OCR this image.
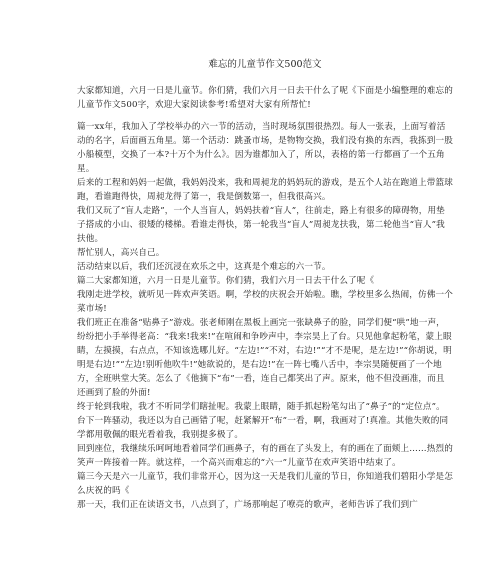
难忘的儿童节作文500范文

大家都知道，六月一日是儿童节。你们猜，我们六月一日去干什么了呢《下面是小编整理的难忘的儿童节作文500字，欢迎大家阅读参考!希望对大家有所帮忙!

篇一xx年，我加入了学校举办的六一节的活动，当时现场氛围很热烈。每人一张表，上面写着活动的名字，后面画五角星。第一个活动：跳蚤市场，是物物交换，我们没有换的东西，我拣到一股小船模型，交换了一本?十万个为什么》。因为谁都加入了，所以，表格的第一行都画了一个五角星。

后来的工程和妈妈一起做，我妈妈没来，我和周昶龙的妈妈玩的游戏，是五个人站在跑道上带篮球跑，看谁跑得快，周昶龙得了第一，我是倒数第一，但我很高兴。

我们又玩了“盲人走路”，一个人当盲人，妈妈扶着“盲人”，往前走，路上有很多的障碍物，用垫子搭成的小山、很矮的楼梯。看谁走得快，第一轮我当“盲人”周昶龙扶我，第二轮他当“盲人”我扶他。

帮忙别人，高兴自己。

活动结束以后，我们还沉浸在欢乐之中，这真是个难忘的六一节。

篇二大家都知道，六月一日是儿童节。你们猜，我们六月一日去干什么了呢《

我刚走进学校，就听见一阵欢声笑语。啊，学校的庆祝会开始啦。瞧，学校里多么热闹，仿佛一个菜市场!

我们班正在准备“贴鼻子”游戏。张老师刚在黑板上画完一张缺鼻子的脸，同学们便“哄”地一声，纷纷把小手举得老高：“我来!我来!”在喧闹和争吵声中，李宗昊上了台。只见他拿起粉笔，蒙上眼睛，左摸摸，右点点，不知该选哪儿好。“左边!”“不对，右边!”“才不是呢，是左边!”“你胡说，明明是右边!”“左边!别听他吹牛!”她欲说的，是右边!”在一阵七嘴八舌中，李宗昊随便画了一个地方，全班哄堂大笑。怎么了《他摘下“布”一看，连自己都笑出了声。原来，他不但没画准，而且还画到了脸的外面!

终于轮到我啦，我才不听同学们瞎扯呢。我蒙上眼睛，随手抓起粉笔勾出了“鼻子”的“定位点”。台下一阵骚动，我还以为自己画错了呢，赶紧解开“布”一看，啊，我画对了!真准。其他失败的同学都用敬佩的眼光看着我，我别提多极了。

回到座位，我继续乐呵呵地看着同学们画鼻子，有的画在了头发上，有的画在了面颊上……热烈的笑声一阵接着一阵。就这样，一个高兴而难忘的“六一”儿童节在欢声笑语中结束了。

篇三今天是六一儿童节，我们非常开心，因为这一天是我们儿童的节日，你知道我们碧阳小学是怎么庆祝的吗《

那一天，我们正在读语文书，八点到了，广场那响起了嘹亮的歌声，老师告诉了我们到广
